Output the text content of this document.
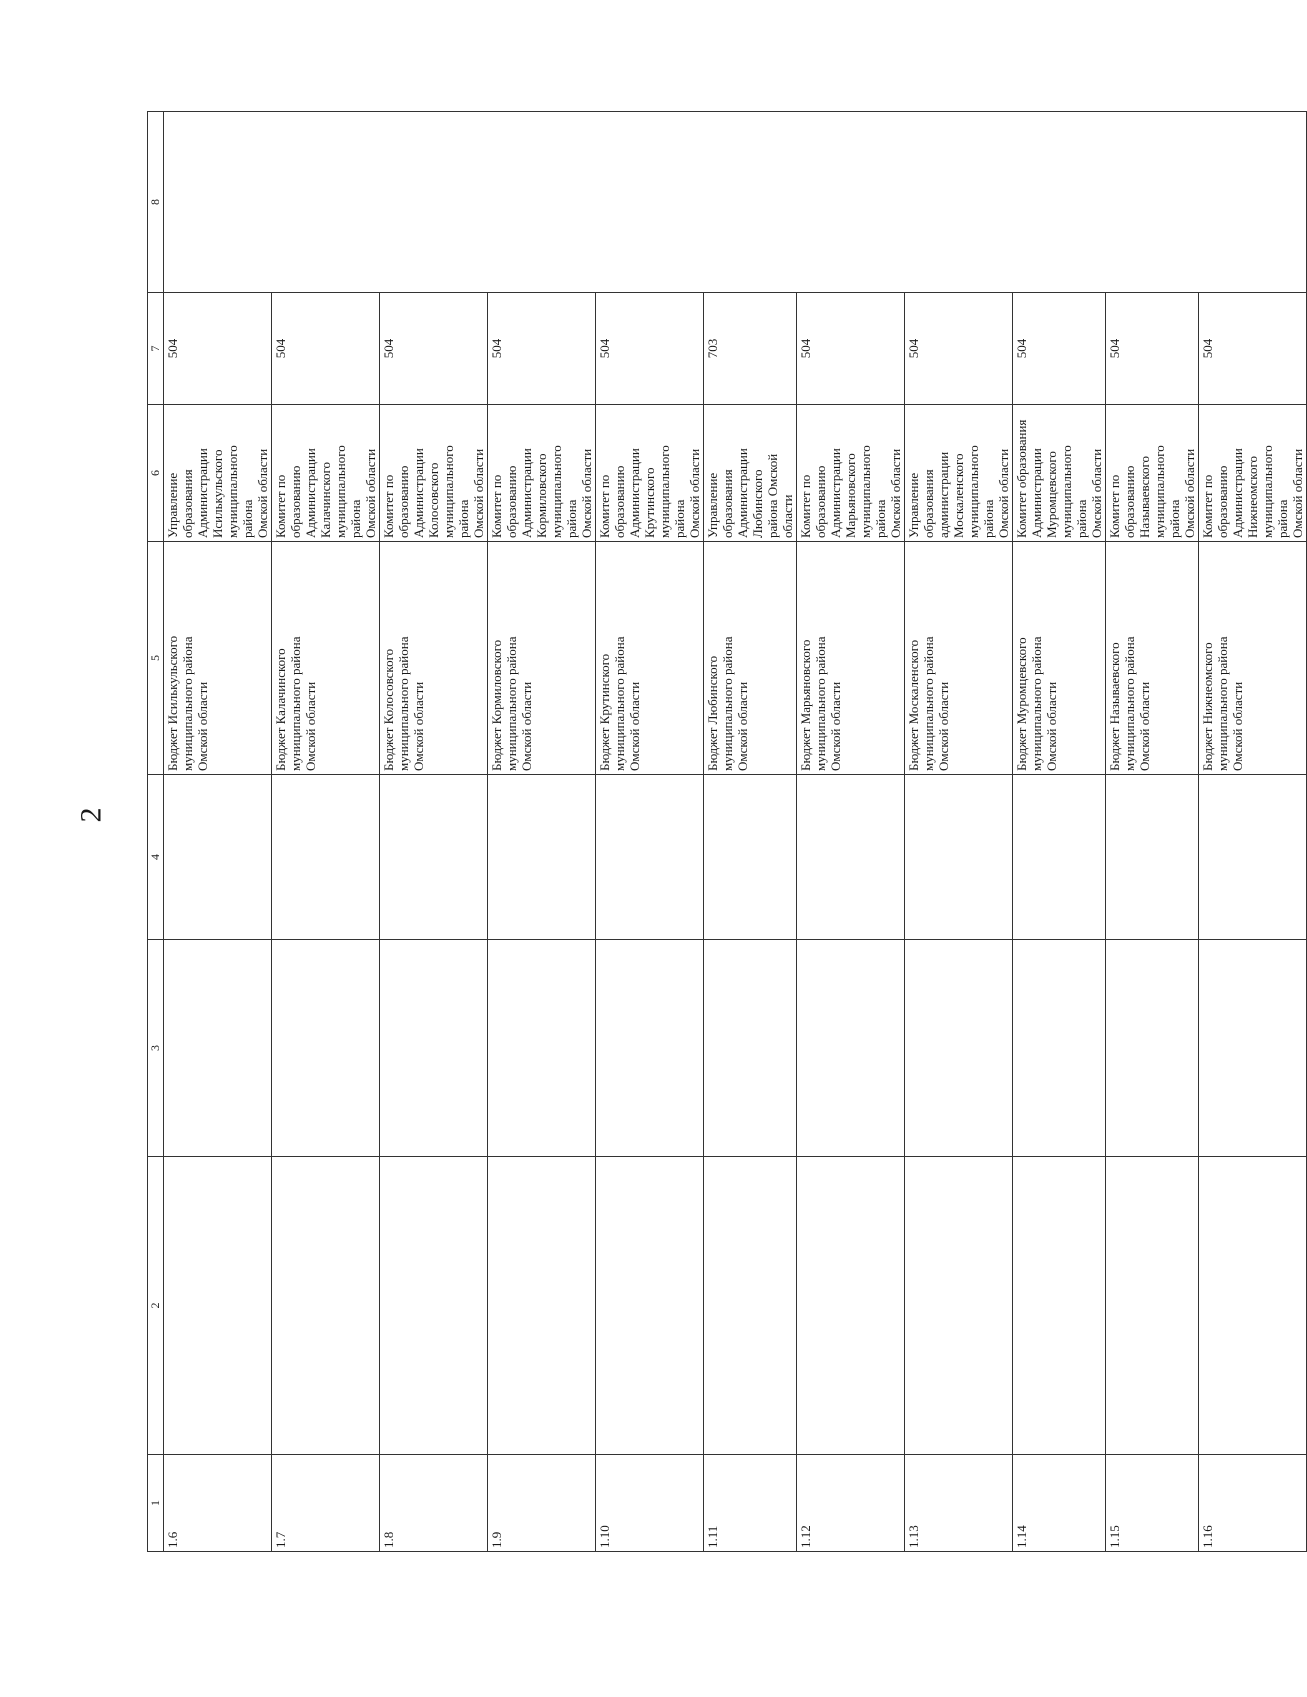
2
1	2	3	4	5	6	7	8
1.6				Бюджет Исилькульского
муниципального района
Омской области	Управление образования
Администрации
Исилькульского
муниципального района
Омской области	504	
1.7				Бюджет Калачинского
муниципального района
Омской области	Комитет по образованию
Администрации Калачинского
муниципального района
Омской области	504	
1.8				Бюджет Колосовского
муниципального района
Омской области	Комитет по образованию
Администрации Колосовского
муниципального района
Омской области	504	
1.9				Бюджет Кормиловского
муниципального района
Омской области	Комитет по образованию
Администрации
Кормиловского
муниципального района
Омской области	504	
1.10				Бюджет Крутинского
муниципального района
Омской области	Комитет по образованию
Администрации Крутинского
муниципального района
Омской области	504	
1.11				Бюджет Любинского
муниципального района
Омской области	Управление образования
Администрации Любинского
района Омской области	703	
1.12				Бюджет Марьяновского
муниципального района
Омской области	Комитет по образованию
Администрации
Марьяновского
муниципального района
Омской области	504	
1.13				Бюджет Москаленского
муниципального района
Омской области	Управление образования
администрации
Москаленского
муниципального района
Омской области	504	
1.14				Бюджет Муромцевского
муниципального района
Омской области	Комитет образования
Администрации
Муромцевского
муниципального района
Омской области	504	
1.15				Бюджет Называевского
муниципального района
Омской области	Комитет по образованию
Называевского
муниципального района
Омской области	504	
1.16				Бюджет Нижнеомского
муниципального района
Омской области	Комитет по образованию
Администрации
Нижнеомского
муниципального района
Омской области	504	
